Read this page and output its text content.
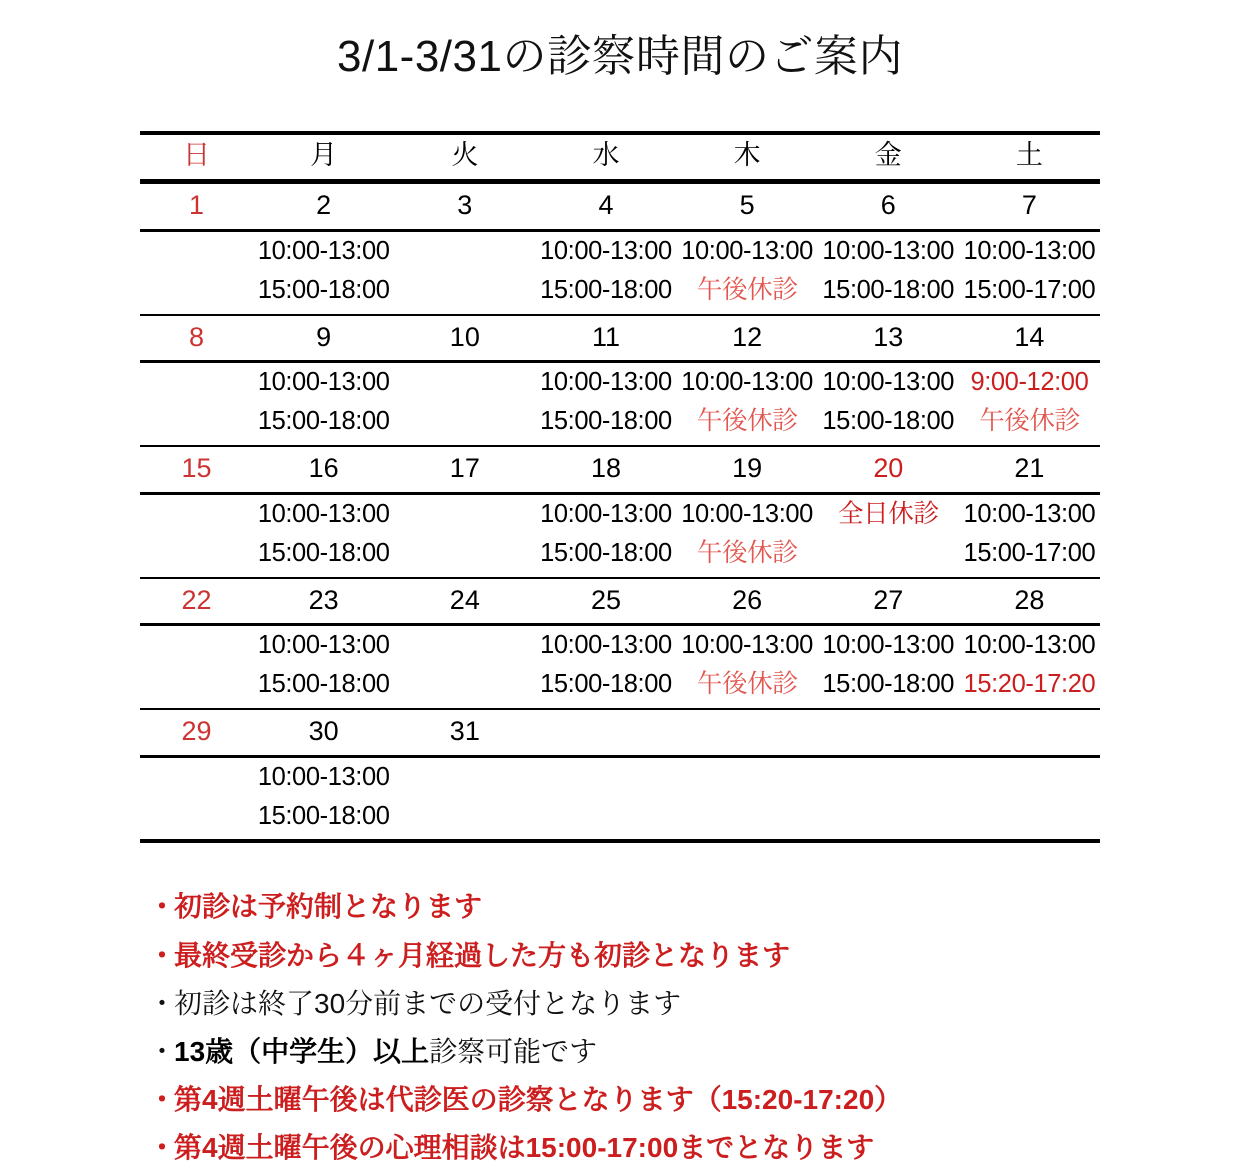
3/1-3/31の診察時間のご案内
日	月	火	水	木	金	土

1	2	3	4	5	6	7
	10:00-13:00		10:00-13:00	10:00-13:00	10:00-13:00	10:00-13:00
	15:00-18:00		15:00-18:00	午後休診	15:00-18:00	15:00-17:00
8	9	10	11	12	13	14
	10:00-13:00		10:00-13:00	10:00-13:00	10:00-13:00	9:00-12:00
	15:00-18:00		15:00-18:00	午後休診	15:00-18:00	午後休診
15	16	17	18	19	20	21
	10:00-13:00		10:00-13:00	10:00-13:00	全日休診	10:00-13:00
	15:00-18:00		15:00-18:00	午後休診		15:00-17:00
22	23	24	25	26	27	28
	10:00-13:00		10:00-13:00	10:00-13:00	10:00-13:00	10:00-13:00
	15:00-18:00		15:00-18:00	午後休診	15:00-18:00	15:20-17:20
29	30	31				
	10:00-13:00					
	15:00-18:00					

・初診は予約制となります
・最終受診から４ヶ月経過した方も初診となります
・初診は終了30分前までの受付となります
・13歳（中学生）以上診察可能です
・第4週土曜午後は代診医の診察となります（15:20-17:20）
・第4週土曜午後の心理相談は15:00-17:00までとなります
